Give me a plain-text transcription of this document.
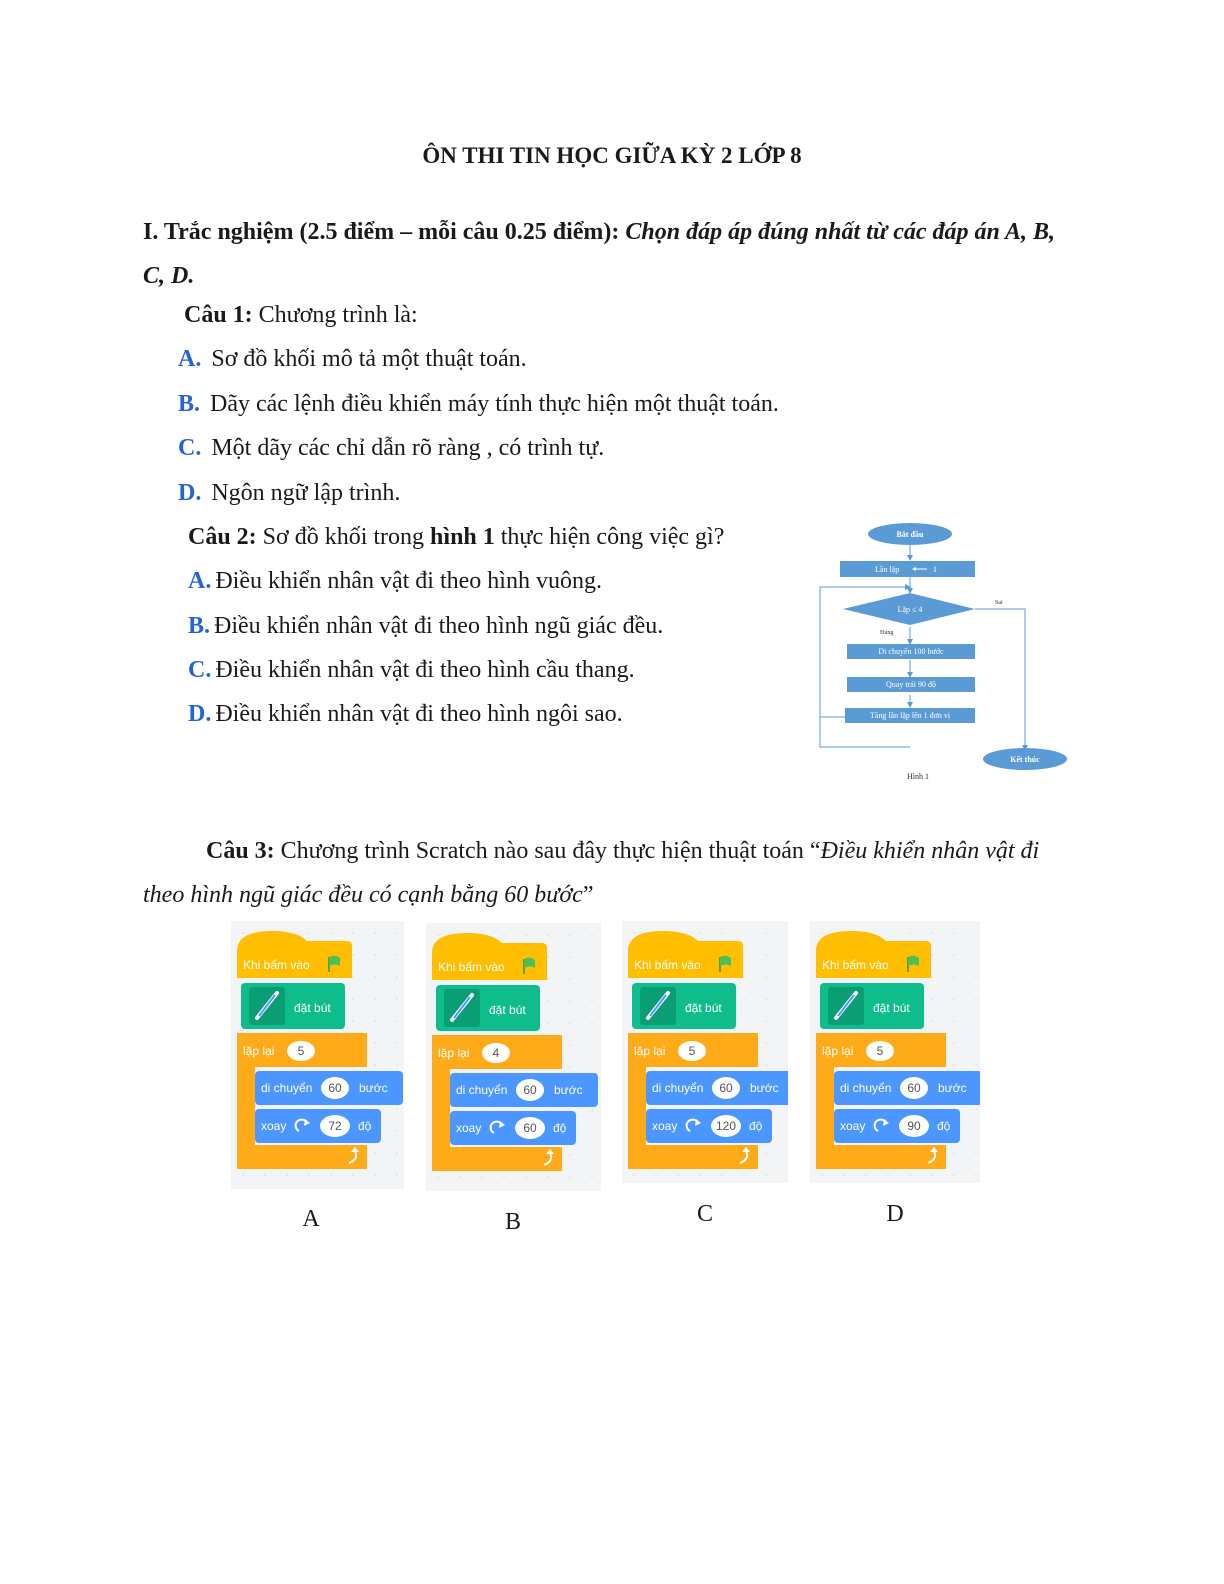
ÔN THI TIN HỌC GIỮA KỲ 2 LỚP 8
I. Trắc nghiệm (2.5 điểm – mỗi câu 0.25 điểm): Chọn đáp áp đúng nhất từ các đáp án A, B, C, D.
Câu 1: Chương trình là:
A. Sơ đồ khối mô tả một thuật toán.
B. Dãy các lệnh điều khiển máy tính thực hiện một thuật toán.
C. Một dãy các chỉ dẫn rõ ràng , có trình tự.
D. Ngôn ngữ lập trình.
Câu 2: Sơ đồ khối trong hình 1 thực hiện công việc gì?
A. Điều khiển nhân vật đi theo hình vuông.
B. Điều khiển nhân vật đi theo hình ngũ giác đều.
C. Điều khiển nhân vật đi theo hình cầu thang.
D. Điều khiển nhân vật đi theo hình ngôi sao.
Bắt đầu
Lần lặp	1
Lặp ≤ 4
Sai
Đúng
Di chuyển 100 bước
Quay trái 90 độ
Tăng lần lặp lên 1 đơn vị
Kết thúc
Hình 1
Câu 3: Chương trình Scratch nào sau đây thực hiện thuật toán “Điều khiển nhân vật đi theo hình ngũ giác đều có cạnh bằng 60 bước”
Khi bấm vào
đặt bút
lặp lại 5
di chuyển 60 bước
xoay	72 độ
A
Khi bấm vào
đặt bút
lặp lại 4
di chuyển 60 bước
xoay	60 độ
B
Khi bấm vào
đặt bút
lặp lại 5
di chuyển 60 bước
xoay	120 độ
C
Khi bấm vào
đặt bút
lặp lại 5
di chuyển 60 bước
xoay	90 độ
D
